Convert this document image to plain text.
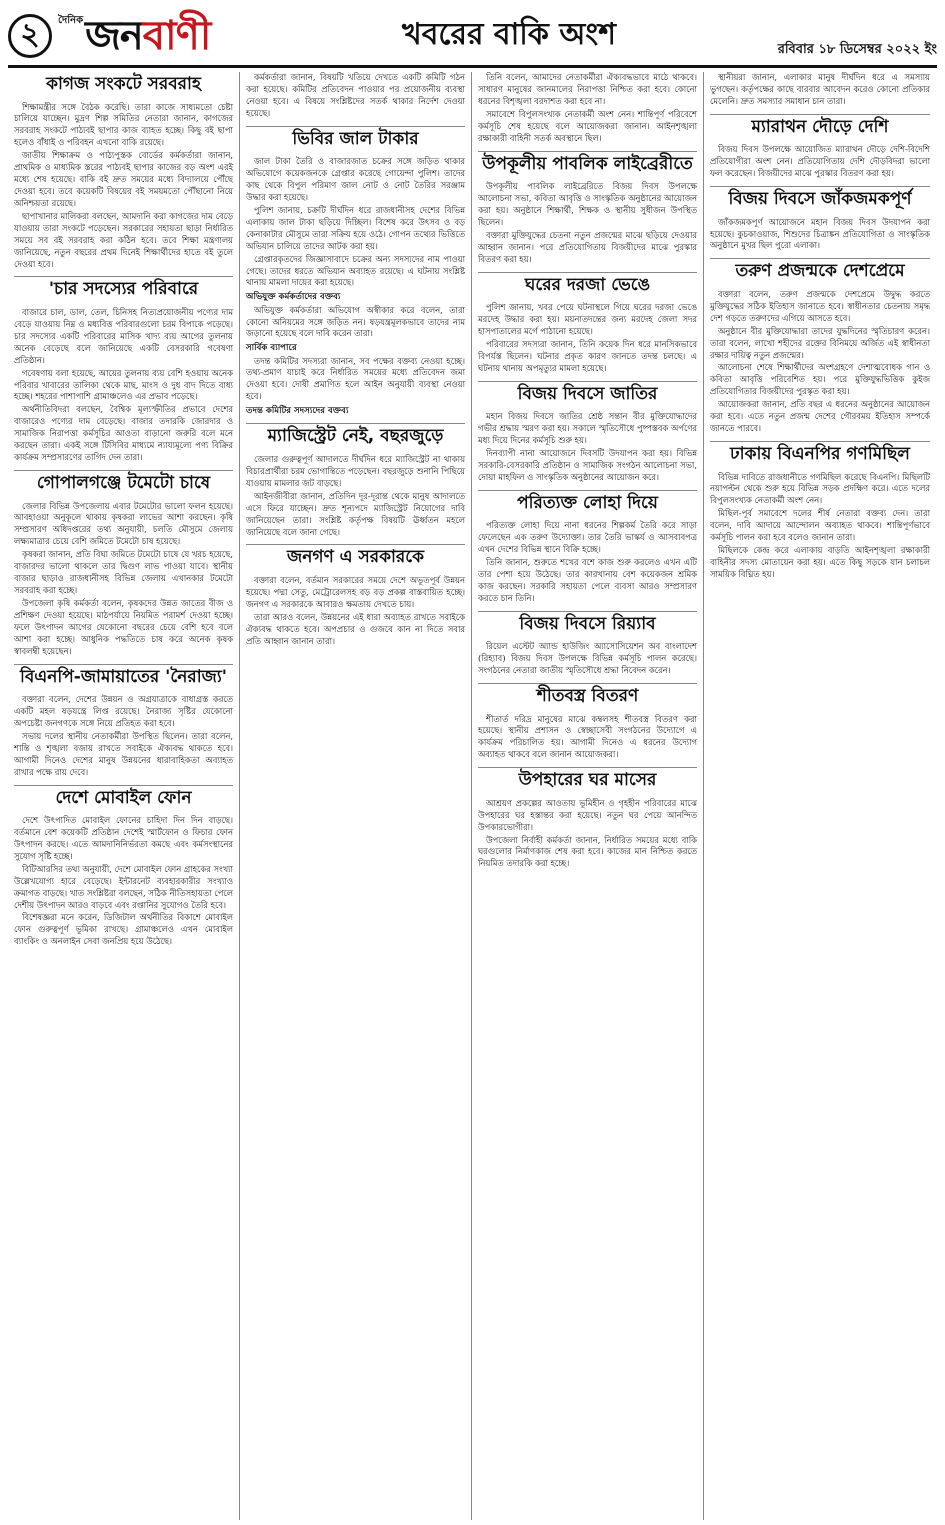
২	দৈনিক জনবাণী	খবরের বাকি অংশ	রবিবার ১৮ ডিসেম্বর ২০২২ ইং
কাগজ সংকটে সরবরাহ

শিক্ষামন্ত্রীর সঙ্গে বৈঠক করেছি। তারা কাজে সাধ্যমতো চেষ্টা চালিয়ে যাচ্ছেন। মুদ্রণ শিল্প সমিতির নেতারা জানান, কাগজের সরবরাহ সংকটে পাঠ্যবই ছাপার কাজ ব্যাহত হচ্ছে। কিছু বই ছাপা হলেও বাঁধাই ও পরিবহন এখনো বাকি রয়েছে।

জাতীয় শিক্ষাক্রম ও পাঠ্যপুস্তক বোর্ডের কর্মকর্তারা জানান, প্রাথমিক ও মাধ্যমিক স্তরের পাঠ্যবই ছাপার কাজের বড় অংশ এরই মধ্যে শেষ হয়েছে। বাকি বই দ্রুত সময়ের মধ্যে বিদ্যালয়ে পৌঁছে দেওয়া হবে। তবে কয়েকটি বিষয়ের বই সময়মতো পৌঁছানো নিয়ে অনিশ্চয়তা রয়েছে।

ছাপাখানার মালিকরা বলছেন, আমদানি করা কাগজের দাম বেড়ে যাওয়ায় তারা সংকটে পড়েছেন। সরকারের সহায়তা ছাড়া নির্ধারিত সময়ে সব বই সরবরাহ করা কঠিন হবে। তবে শিক্ষা মন্ত্রণালয় জানিয়েছে, নতুন বছরের প্রথম দিনেই শিক্ষার্থীদের হাতে বই তুলে দেওয়া হবে।

'চার সদস্যের পরিবারে

বাজারে চাল, ডাল, তেল, চিনিসহ নিত্যপ্রয়োজনীয় পণ্যের দাম বেড়ে যাওয়ায় নিম্ন ও মধ্যবিত্ত পরিবারগুলো চরম বিপাকে পড়েছে। চার সদস্যের একটি পরিবারের মাসিক খাদ্য ব্যয় আগের তুলনায় অনেক বেড়েছে বলে জানিয়েছে একটি বেসরকারি গবেষণা প্রতিষ্ঠান।

গবেষণায় বলা হয়েছে, আয়ের তুলনায় ব্যয় বেশি হওয়ায় অনেক পরিবার খাবারের তালিকা থেকে মাছ, মাংস ও দুধ বাদ দিতে বাধ্য হচ্ছে। শহরের পাশাপাশি গ্রামাঞ্চলেও এর প্রভাব পড়েছে।

অর্থনীতিবিদরা বলছেন, বৈশ্বিক মূল্যস্ফীতির প্রভাবে দেশের বাজারেও পণ্যের দাম বেড়েছে। বাজার তদারকি জোরদার ও সামাজিক নিরাপত্তা কর্মসূচির আওতা বাড়ানো জরুরি বলে মনে করছেন তারা। একই সঙ্গে টিসিবির মাধ্যমে ন্যায্যমূল্যে পণ্য বিক্রির কার্যক্রম সম্প্রসারণের তাগিদ দেন তারা।

গোপালগঞ্জে টমেটো চাষে

জেলার বিভিন্ন উপজেলায় এবার টমেটোর ভালো ফলন হয়েছে। আবহাওয়া অনুকূলে থাকায় কৃষকরা লাভের আশা করছেন। কৃষি সম্প্রসারণ অধিদপ্তরের তথ্য অনুযায়ী, চলতি মৌসুমে জেলায় লক্ষ্যমাত্রার চেয়ে বেশি জমিতে টমেটো চাষ হয়েছে।

কৃষকরা জানান, প্রতি বিঘা জমিতে টমেটো চাষে যে খরচ হয়েছে, বাজারদর ভালো থাকলে তার দ্বিগুণ লাভ পাওয়া যাবে। স্থানীয় বাজার ছাড়াও রাজধানীসহ বিভিন্ন জেলায় এখানকার টমেটো সরবরাহ করা হচ্ছে।

উপজেলা কৃষি কর্মকর্তা বলেন, কৃষকদের উন্নত জাতের বীজ ও প্রশিক্ষণ দেওয়া হয়েছে। মাঠপর্যায়ে নিয়মিত পরামর্শ দেওয়া হচ্ছে। ফলে উৎপাদন আগের যেকোনো বছরের চেয়ে বেশি হবে বলে আশা করা হচ্ছে। আধুনিক পদ্ধতিতে চাষ করে অনেক কৃষক স্বাবলম্বী হয়েছেন।

বিএনপি-জামায়াতের 'নৈরাজ্য'

বক্তারা বলেন, দেশের উন্নয়ন ও অগ্রযাত্রাকে বাধাগ্রস্ত করতে একটি মহল ষড়যন্ত্রে লিপ্ত রয়েছে। নৈরাজ্য সৃষ্টির যেকোনো অপচেষ্টা জনগণকে সঙ্গে নিয়ে প্রতিহত করা হবে।

সভায় দলের স্থানীয় নেতাকর্মীরা উপস্থিত ছিলেন। তারা বলেন, শান্তি ও শৃঙ্খলা বজায় রাখতে সবাইকে ঐক্যবদ্ধ থাকতে হবে। আগামী দিনেও দেশের মানুষ উন্নয়নের ধারাবাহিকতা অব্যাহত রাখার পক্ষে রায় দেবে।

দেশে মোবাইল ফোন

দেশে উৎপাদিত মোবাইল ফোনের চাহিদা দিন দিন বাড়ছে। বর্তমানে বেশ কয়েকটি প্রতিষ্ঠান দেশেই স্মার্টফোন ও ফিচার ফোন উৎপাদন করছে। এতে আমদানিনির্ভরতা কমছে এবং কর্মসংস্থানের সুযোগ সৃষ্টি হচ্ছে।

বিটিআরসির তথ্য অনুযায়ী, দেশে মোবাইল ফোন গ্রাহকের সংখ্যা উল্লেখযোগ্য হারে বেড়েছে। ইন্টারনেট ব্যবহারকারীর সংখ্যাও ক্রমাগত বাড়ছে। খাত সংশ্লিষ্টরা বলছেন, সঠিক নীতিসহায়তা পেলে দেশীয় উৎপাদন আরও বাড়বে এবং রপ্তানির সুযোগও তৈরি হবে।

বিশেষজ্ঞরা মনে করেন, ডিজিটাল অর্থনীতির বিকাশে মোবাইল ফোন গুরুত্বপূর্ণ ভূমিকা রাখছে। গ্রামাঞ্চলেও এখন মোবাইল ব্যাংকিং ও অনলাইন সেবা জনপ্রিয় হয়ে উঠেছে।

কর্মকর্তারা জানান, বিষয়টি খতিয়ে দেখতে একটি কমিটি গঠন করা হয়েছে। কমিটির প্রতিবেদন পাওয়ার পর প্রয়োজনীয় ব্যবস্থা নেওয়া হবে। এ বিষয়ে সংশ্লিষ্টদের সতর্ক থাকার নির্দেশ দেওয়া হয়েছে।

ভিবির জাল টাকার

জাল টাকা তৈরি ও বাজারজাত চক্রের সঙ্গে জড়িত থাকার অভিযোগে কয়েকজনকে গ্রেপ্তার করেছে গোয়েন্দা পুলিশ। তাদের কাছ থেকে বিপুল পরিমাণ জাল নোট ও নোট তৈরির সরঞ্জাম উদ্ধার করা হয়েছে।

পুলিশ জানায়, চক্রটি দীর্ঘদিন ধরে রাজধানীসহ দেশের বিভিন্ন এলাকায় জাল টাকা ছড়িয়ে দিচ্ছিল। বিশেষ করে উৎসব ও বড় কেনাকাটার মৌসুমে তারা সক্রিয় হয়ে ওঠে। গোপন তথ্যের ভিত্তিতে অভিযান চালিয়ে তাদের আটক করা হয়।

গ্রেপ্তারকৃতদের জিজ্ঞাসাবাদে চক্রের অন্য সদস্যদের নাম পাওয়া গেছে। তাদের ধরতে অভিযান অব্যাহত রয়েছে। এ ঘটনায় সংশ্লিষ্ট থানায় মামলা দায়ের করা হয়েছে।

অভিযুক্ত কর্মকর্তাদের বক্তব্য

অভিযুক্ত কর্মকর্তারা অভিযোগ অস্বীকার করে বলেন, তারা কোনো অনিয়মের সঙ্গে জড়িত নন। ষড়যন্ত্রমূলকভাবে তাদের নাম জড়ানো হয়েছে বলে দাবি করেন তারা।

সার্বিক ব্যাপারে

তদন্ত কমিটির সদস্যরা জানান, সব পক্ষের বক্তব্য নেওয়া হচ্ছে। তথ্য-প্রমাণ যাচাই করে নির্ধারিত সময়ের মধ্যে প্রতিবেদন জমা দেওয়া হবে। দোষী প্রমাণিত হলে আইন অনুযায়ী ব্যবস্থা নেওয়া হবে।

তদন্ত কমিটির সদস্যদের বক্তব্য
ম্যাজিস্ট্রেট নেই, বছরজুড়ে

জেলার গুরুত্বপূর্ণ আদালতে দীর্ঘদিন ধরে ম্যাজিস্ট্রেট না থাকায় বিচারপ্রার্থীরা চরম ভোগান্তিতে পড়েছেন। বছরজুড়ে শুনানি পিছিয়ে যাওয়ায় মামলার জট বাড়ছে।

আইনজীবীরা জানান, প্রতিদিন দূর-দূরান্ত থেকে মানুষ আদালতে এসে ফিরে যাচ্ছেন। দ্রুত শূন্যপদে ম্যাজিস্ট্রেট নিয়োগের দাবি জানিয়েছেন তারা। সংশ্লিষ্ট কর্তৃপক্ষ বিষয়টি ঊর্ধ্বতন মহলে জানিয়েছে বলে জানা গেছে।

জনগণ এ সরকারকে

বক্তারা বলেন, বর্তমান সরকারের সময়ে দেশে অভূতপূর্ব উন্নয়ন হয়েছে। পদ্মা সেতু, মেট্রোরেলসহ বড় বড় প্রকল্প বাস্তবায়িত হচ্ছে। জনগণ এ সরকারকে আবারও ক্ষমতায় দেখতে চায়।

তারা আরও বলেন, উন্নয়নের এই ধারা অব্যাহত রাখতে সবাইকে ঐক্যবদ্ধ থাকতে হবে। অপপ্রচার ও গুজবে কান না দিতে সবার প্রতি আহ্বান জানান তারা।

তিনি বলেন, আমাদের নেতাকর্মীরা ঐক্যবদ্ধভাবে মাঠে থাকবে। সাধারণ মানুষের জানমালের নিরাপত্তা নিশ্চিত করা হবে। কোনো ধরনের বিশৃঙ্খলা বরদাশত করা হবে না।

সমাবেশে বিপুলসংখ্যক নেতাকর্মী অংশ নেন। শান্তিপূর্ণ পরিবেশে কর্মসূচি শেষ হয়েছে বলে আয়োজকরা জানান। আইনশৃঙ্খলা রক্ষাকারী বাহিনী সতর্ক অবস্থানে ছিল।

উপকূলীয় পাবলিক লাইব্রেরীতে

উপকূলীয় পাবলিক লাইব্রেরিতে বিজয় দিবস উপলক্ষে আলোচনা সভা, কবিতা আবৃত্তি ও সাংস্কৃতিক অনুষ্ঠানের আয়োজন করা হয়। অনুষ্ঠানে শিক্ষার্থী, শিক্ষক ও স্থানীয় সুধীজন উপস্থিত ছিলেন।

বক্তারা মুক্তিযুদ্ধের চেতনা নতুন প্রজন্মের মাঝে ছড়িয়ে দেওয়ার আহ্বান জানান। পরে প্রতিযোগিতায় বিজয়ীদের মাঝে পুরস্কার বিতরণ করা হয়।

ঘরের দরজা ভেঙে

পুলিশ জানায়, খবর পেয়ে ঘটনাস্থলে গিয়ে ঘরের দরজা ভেঙে মরদেহ উদ্ধার করা হয়। ময়নাতদন্তের জন্য মরদেহ জেলা সদর হাসপাতালের মর্গে পাঠানো হয়েছে।

পরিবারের সদস্যরা জানান, তিনি কয়েক দিন ধরে মানসিকভাবে বিপর্যস্ত ছিলেন। ঘটনার প্রকৃত কারণ জানতে তদন্ত চলছে। এ ঘটনায় থানায় অপমৃত্যুর মামলা হয়েছে।

বিজয় দিবসে জাতির

মহান বিজয় দিবসে জাতির শ্রেষ্ঠ সন্তান বীর মুক্তিযোদ্ধাদের গভীর শ্রদ্ধায় স্মরণ করা হয়। সকালে স্মৃতিসৌধে পুষ্পস্তবক অর্পণের মধ্য দিয়ে দিনের কর্মসূচি শুরু হয়।

দিনব্যাপী নানা আয়োজনে দিবসটি উদযাপন করা হয়। বিভিন্ন সরকারি-বেসরকারি প্রতিষ্ঠান ও সামাজিক সংগঠন আলোচনা সভা, দোয়া মাহফিল ও সাংস্কৃতিক অনুষ্ঠানের আয়োজন করে।

পরিত্যক্ত লোহা দিয়ে

পরিত্যক্ত লোহা দিয়ে নানা ধরনের শিল্পকর্ম তৈরি করে সাড়া ফেলেছেন এক তরুণ উদ্যোক্তা। তার তৈরি ভাস্কর্য ও আসবাবপত্র এখন দেশের বিভিন্ন স্থানে বিক্রি হচ্ছে।

তিনি জানান, শুরুতে শখের বশে কাজ শুরু করলেও এখন এটি তার পেশা হয়ে উঠেছে। তার কারখানায় বেশ কয়েকজন শ্রমিক কাজ করছেন। সরকারি সহায়তা পেলে ব্যবসা আরও সম্প্রসারণ করতে চান তিনি।

বিজয় দিবসে রিয়্যাব

রিয়েল এস্টেট অ্যান্ড হাউজিং অ্যাসোসিয়েশন অব বাংলাদেশ (রিহ্যাব) বিজয় দিবস উপলক্ষে বিভিন্ন কর্মসূচি পালন করেছে। সংগঠনের নেতারা জাতীয় স্মৃতিসৌধে শ্রদ্ধা নিবেদন করেন।

শীতবস্ত্র বিতরণ

শীতার্ত দরিদ্র মানুষের মাঝে কম্বলসহ শীতবস্ত্র বিতরণ করা হয়েছে। স্থানীয় প্রশাসন ও স্বেচ্ছাসেবী সংগঠনের উদ্যোগে এ কার্যক্রম পরিচালিত হয়। আগামী দিনেও এ ধরনের উদ্যোগ অব্যাহত থাকবে বলে জানান আয়োজকরা।

উপহারের ঘর মাসের

আশ্রয়ণ প্রকল্পের আওতায় ভূমিহীন ও গৃহহীন পরিবারের মাঝে উপহারের ঘর হস্তান্তর করা হয়েছে। নতুন ঘর পেয়ে আনন্দিত উপকারভোগীরা।

উপজেলা নির্বাহী কর্মকর্তা জানান, নির্ধারিত সময়ের মধ্যে বাকি ঘরগুলোর নির্মাণকাজ শেষ করা হবে। কাজের মান নিশ্চিত করতে নিয়মিত তদারকি করা হচ্ছে।

স্থানীয়রা জানান, এলাকার মানুষ দীর্ঘদিন ধরে এ সমস্যায় ভুগছেন। কর্তৃপক্ষের কাছে বারবার আবেদন করেও কোনো প্রতিকার মেলেনি। দ্রুত সমস্যার সমাধান চান তারা।

ম্যারাথন দৌড়ে দেশি

বিজয় দিবস উপলক্ষে আয়োজিত ম্যারাথন দৌড়ে দেশি-বিদেশি প্রতিযোগীরা অংশ নেন। প্রতিযোগিতায় দেশি দৌড়বিদরা ভালো ফল করেছেন। বিজয়ীদের মাঝে পুরস্কার বিতরণ করা হয়।

বিজয় দিবসে জাঁকজমকপূর্ণ

জাঁকজমকপূর্ণ আয়োজনে মহান বিজয় দিবস উদযাপন করা হয়েছে। কুচকাওয়াজ, শিশুদের চিত্রাঙ্কন প্রতিযোগিতা ও সাংস্কৃতিক অনুষ্ঠানে মুখর ছিল পুরো এলাকা।

তরুণ প্রজন্মকে দেশপ্রেমে

বক্তারা বলেন, তরুণ প্রজন্মকে দেশপ্রেমে উদ্বুদ্ধ করতে মুক্তিযুদ্ধের সঠিক ইতিহাস জানাতে হবে। স্বাধীনতার চেতনায় সমৃদ্ধ দেশ গড়তে তরুণদের এগিয়ে আসতে হবে।

অনুষ্ঠানে বীর মুক্তিযোদ্ধারা তাদের যুদ্ধদিনের স্মৃতিচারণ করেন। তারা বলেন, লাখো শহীদের রক্তের বিনিময়ে অর্জিত এই স্বাধীনতা রক্ষার দায়িত্ব নতুন প্রজন্মের।

আলোচনা শেষে শিক্ষার্থীদের অংশগ্রহণে দেশাত্মবোধক গান ও কবিতা আবৃত্তি পরিবেশিত হয়। পরে মুক্তিযুদ্ধভিত্তিক কুইজ প্রতিযোগিতার বিজয়ীদের পুরস্কৃত করা হয়।

আয়োজকরা জানান, প্রতি বছর এ ধরনের অনুষ্ঠানের আয়োজন করা হবে। এতে নতুন প্রজন্ম দেশের গৌরবময় ইতিহাস সম্পর্কে জানতে পারবে।

ঢাকায় বিএনপির গণমিছিল

বিভিন্ন দাবিতে রাজধানীতে গণমিছিল করেছে বিএনপি। মিছিলটি নয়াপল্টন থেকে শুরু হয়ে বিভিন্ন সড়ক প্রদক্ষিণ করে। এতে দলের বিপুলসংখ্যক নেতাকর্মী অংশ নেন।

মিছিল-পূর্ব সমাবেশে দলের শীর্ষ নেতারা বক্তব্য দেন। তারা বলেন, দাবি আদায়ে আন্দোলন অব্যাহত থাকবে। শান্তিপূর্ণভাবে কর্মসূচি পালন করা হবে বলেও জানান তারা।

মিছিলকে কেন্দ্র করে এলাকায় বাড়তি আইনশৃঙ্খলা রক্ষাকারী বাহিনীর সদস্য মোতায়েন করা হয়। এতে কিছু সড়কে যান চলাচল সাময়িক বিঘ্নিত হয়।
